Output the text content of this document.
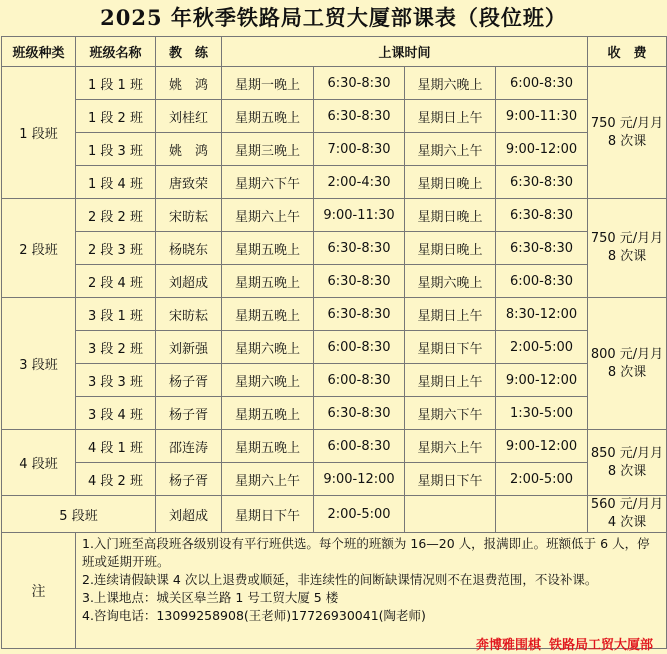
2025 年秋季铁路局工贸大厦部课表（段位班）
班级种类	班级名称	教　练	上课时间				收　费
1 段班	1 段 1 班	姚　鸿	星期一晚上	6:30-8:30	星期六晚上	6:00-8:30	750 元/月月 8 次课
	1 段 2 班	刘桂红	星期五晚上	6:30-8:30	星期日上午	9:00-11:30	
	1 段 3 班	姚　鸿	星期三晚上	7:00-8:30	星期六上午	9:00-12:00	
	1 段 4 班	唐致荣	星期六下午	2:00-4:30	星期日晚上	6:30-8:30	
2 段班	2 段 2 班	宋昉耘	星期六上午	9:00-11:30	星期日晚上	6:30-8:30	750 元/月月 8 次课
	2 段 3 班	杨晓东	星期五晚上	6:30-8:30	星期日晚上	6:30-8:30	
	2 段 4 班	刘超成	星期五晚上	6:30-8:30	星期六晚上	6:00-8:30	
3 段班	3 段 1 班	宋昉耘	星期五晚上	6:30-8:30	星期日上午	8:30-12:00	800 元/月月 8 次课
	3 段 2 班	刘新强	星期六晚上	6:00-8:30	星期日下午	2:00-5:00	
	3 段 3 班	杨子胥	星期六晚上	6:00-8:30	星期日上午	9:00-12:00	
	3 段 4 班	杨子胥	星期五晚上	6:30-8:30	星期六下午	1:30-5:00	
4 段班	4 段 1 班	邵连涛	星期五晚上	6:00-8:30	星期六上午	9:00-12:00	850 元/月月 8 次课
	4 段 2 班	杨子胥	星期六上午	9:00-12:00	星期日下午	2:00-5:00	
5 段班		刘超成	星期日下午	2:00-5:00			560 元/月月 4 次课
注	1.入门班至高段班各级别设有平行班供选。每个班的班额为 16—20 人，报满即止。班额低于 6 人，停班或延期开班。
2.连续请假缺课 4 次以上退费或顺延，非连续性的间断缺课情况则不在退费范围，不设补课。
3.上课地点：城关区皋兰路 1 号工贸大厦 5 楼
4.咨询电话：13099258908(王老师)17726930041(陶老师)						
奔博雅围棋 铁路局工贸大厦部
